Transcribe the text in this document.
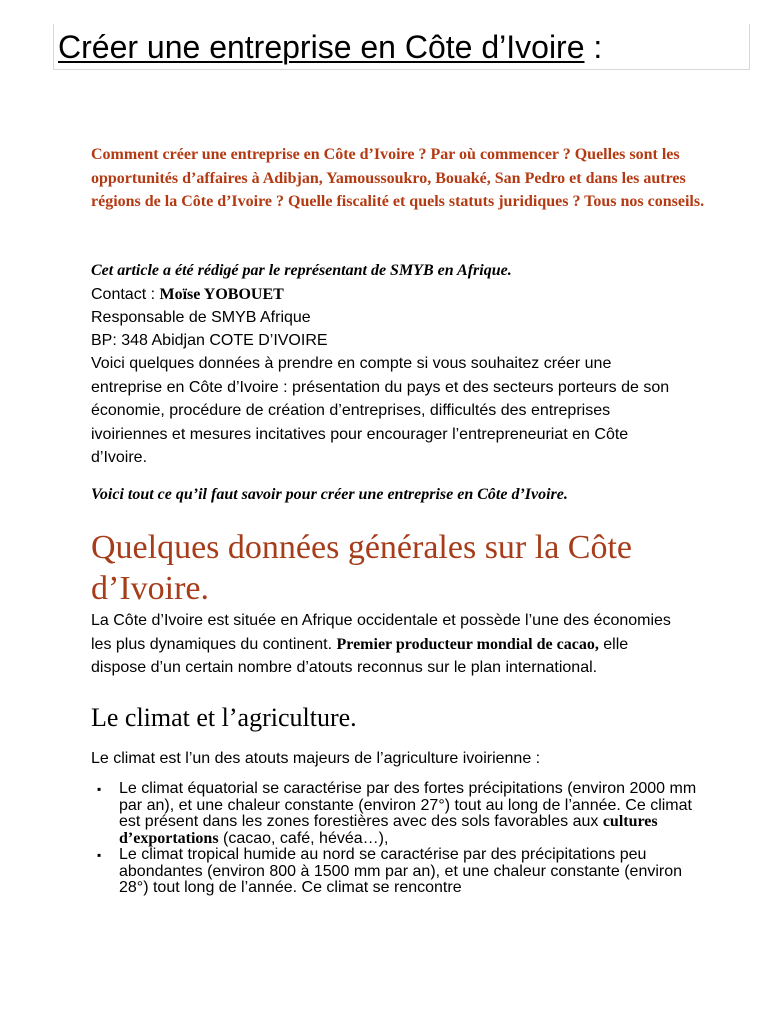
Créer une entreprise en Côte d’Ivoire :

Comment créer une entreprise en Côte d’Ivoire ? Par où commencer ? Quelles sont les opportunités d’affaires à Adibjan, Yamoussoukro, Bouaké, San Pedro et dans les autres régions de la Côte d’Ivoire ? Quelle fiscalité et quels statuts juridiques ? Tous nos conseils.

Cet article a été rédigé par le représentant de SMYB en Afrique.

Contact : Moïse YOBOUET

Responsable de SMYB Afrique

BP: 348 Abidjan COTE D’IVOIRE

Voici quelques données à prendre en compte si vous souhaitez créer une entreprise en Côte d’Ivoire : présentation du pays et des secteurs porteurs de son économie, procédure de création d’entreprises, difficultés des entreprises ivoiriennes et mesures incitatives pour encourager l’entrepreneuriat en Côte d’Ivoire.

Voici tout ce qu’il faut savoir pour créer une entreprise en Côte d’Ivoire.

Quelques données générales sur la Côte d’Ivoire.

La Côte d’Ivoire est située en Afrique occidentale et possède l’une des économies les plus dynamiques du continent. Premier producteur mondial de cacao, elle dispose d’un certain nombre d’atouts reconnus sur le plan international.

Le climat et l’agriculture.

Le climat est l’un des atouts majeurs de l’agriculture ivoirienne :

▪ Le climat équatorial se caractérise par des fortes précipitations (environ 2000 mm par an), et une chaleur constante (environ 27°) tout au long de l’année. Ce climat est présent dans les zones forestières avec des sols favorables aux cultures d’exportations (cacao, café, hévéa…),
▪ Le climat tropical humide au nord se caractérise par des précipitations peu abondantes (environ 800 à 1500 mm par an), et une chaleur constante (environ 28°) tout long de l’année. Ce climat se rencontre
